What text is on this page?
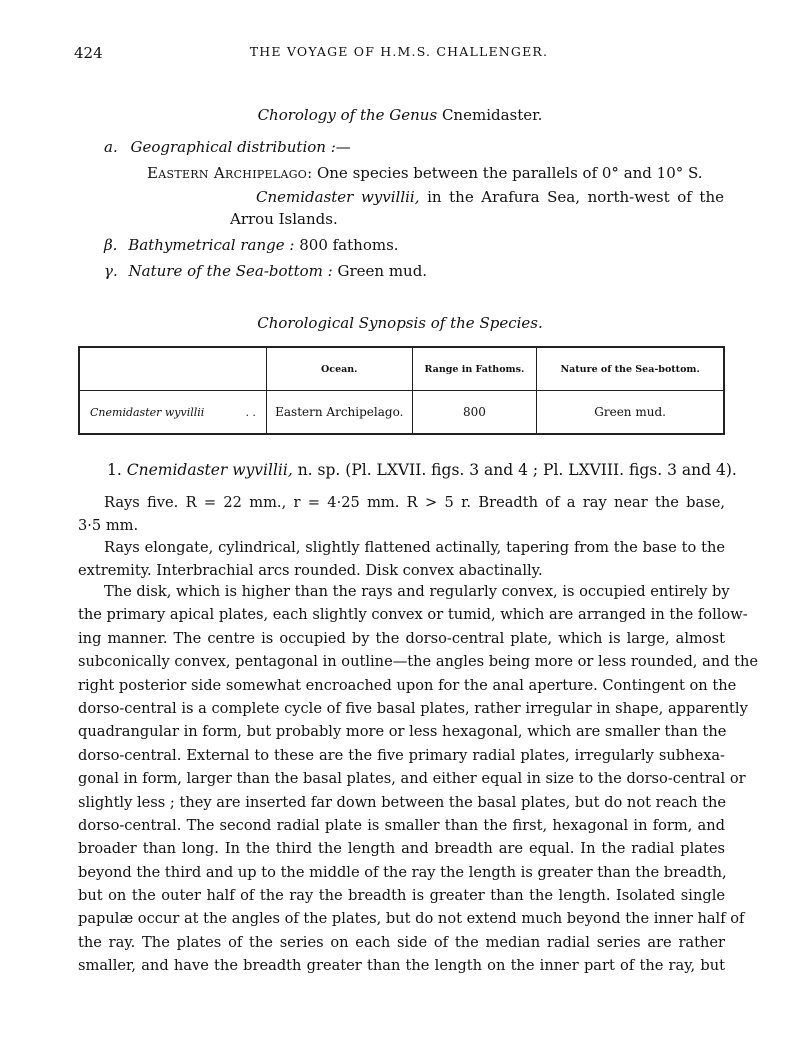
424	THE VOYAGE OF H.M.S. CHALLENGER.
Chorology of the Genus Cnemidaster.
a. Geographical distribution :—
Eastern Archipelago: One species between the parallels of 0° and 10° S.
Cnemidaster wyvillii, in the Arafura Sea, north-west of the
Arrou Islands.
β. Bathymetrical range : 800 fathoms.
γ. Nature of the Sea-bottom : Green mud.
Chorological Synopsis of the Species.
	Ocean.	Range in Fathoms.	Nature of the Sea-bottom.
Cnemidaster wyvillii . .	Eastern Archipelago.	800	Green mud.
1. Cnemidaster wyvillii, n. sp. (Pl. LXVII. figs. 3 and 4 ; Pl. LXVIII. figs. 3 and 4).
Rays five. R = 22 mm., r = 4·25 mm. R > 5 r. Breadth of a ray near the base,
3·5 mm.
Rays elongate, cylindrical, slightly flattened actinally, tapering from the base to the
extremity. Interbrachial arcs rounded. Disk convex abactinally.
The disk, which is higher than the rays and regularly convex, is occupied entirely by
the primary apical plates, each slightly convex or tumid, which are arranged in the follow-
ing manner. The centre is occupied by the dorso-central plate, which is large, almost
subconically convex, pentagonal in outline—the angles being more or less rounded, and the
right posterior side somewhat encroached upon for the anal aperture. Contingent on the
dorso-central is a complete cycle of five basal plates, rather irregular in shape, apparently
quadrangular in form, but probably more or less hexagonal, which are smaller than the
dorso-central. External to these are the five primary radial plates, irregularly subhexa-
gonal in form, larger than the basal plates, and either equal in size to the dorso-central or
slightly less ; they are inserted far down between the basal plates, but do not reach the
dorso-central. The second radial plate is smaller than the first, hexagonal in form, and
broader than long. In the third the length and breadth are equal. In the radial plates
beyond the third and up to the middle of the ray the length is greater than the breadth,
but on the outer half of the ray the breadth is greater than the length. Isolated single
papulæ occur at the angles of the plates, but do not extend much beyond the inner half of
the ray. The plates of the series on each side of the median radial series are rather
smaller, and have the breadth greater than the length on the inner part of the ray, but
